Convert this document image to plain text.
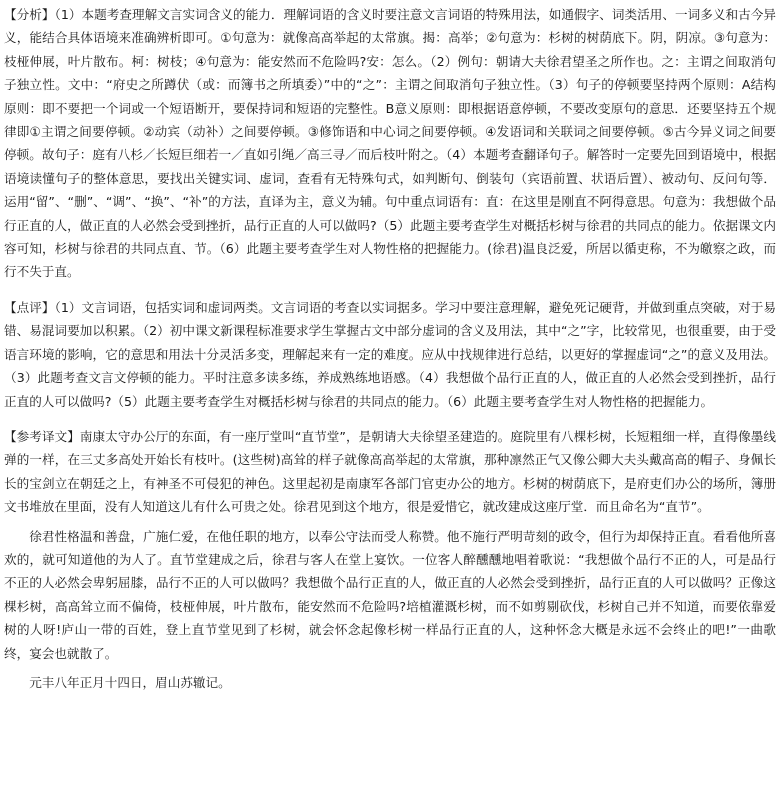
【分析】（1）本题考查理解文言实词含义的能力．理解词语的含义时要注意文言词语的特殊用法，如通假字、词类活用、一词多义和古今异义，能结合具体语境来准确辨析即可。①句意为：就像高高举起的太常旗。揭：高举；②句意为：杉树的树荫底下。阴，阴凉。③句意为：枝桠伸展，叶片散布。柯：树枝；④句意为：能安然而不危险吗?安：怎么。（2）例句：朝请大夫徐君望圣之所作也。之：主谓之间取消句子独立性。文中：“府史之所蹲伏（或：而簿书之所填委）”中的“之”：主谓之间取消句子独立性。（3）句子的停顿要坚持两个原则：A结构原则：即不要把一个词或一个短语断开，要保持词和短语的完整性。B意义原则：即根据语意停顿，不要改变原句的意思．还要坚持五个规律即①主谓之间要停顿。②动宾（动补）之间要停顿。③修饰语和中心词之间要停顿。④发语词和关联词之间要停顿。⑤古今异义词之间要停顿。故句子：庭有八杉／长短巨细若一／直如引绳／高三寻／而后枝叶附之。（4）本题考查翻译句子。解答时一定要先回到语境中，根据语境读懂句子的整体意思，要找出关键实词、虚词，查看有无特殊句式，如判断句、倒装句（宾语前置、状语后置）、被动句、反问句等．运用“留”、“删”、“调”、“换”、“补”的方法，直译为主，意义为辅。句中重点词语有：直：在这里是刚直不阿得意思。句意为：我想做个品行正直的人，做正直的人必然会受到挫折，品行正直的人可以做吗?（5）此题主要考查学生对概括杉树与徐君的共同点的能力。依据课文内容可知，杉树与徐君的共同点直、节。（6）此题主要考查学生对人物性格的把握能力。(徐君)温良泛爱，所居以循吏称，不为皦察之政，而行不失于直。

【点评】（1）文言词语，包括实词和虚词两类。文言词语的考查以实词据多。学习中要注意理解，避免死记硬背，并做到重点突破，对于易错、易混词要加以积累。（2）初中课文新课程标准要求学生掌握古文中部分虚词的含义及用法，其中“之”字，比较常见，也很重要，由于受语言环境的影响，它的意思和用法十分灵活多变，理解起来有一定的难度。应从中找规律进行总结，以更好的掌握虚词“之”的意义及用法。（3）此题考查文言文停顿的能力。平时注意多读多练，养成熟练地语感。（4）我想做个品行正直的人，做正直的人必然会受到挫折，品行正直的人可以做吗?（5）此题主要考查学生对概括杉树与徐君的共同点的能力。（6）此题主要考查学生对人物性格的把握能力。

【参考译文】南康太守办公厅的东面，有一座厅堂叫“直节堂”，是朝请大夫徐望圣建造的。庭院里有八棵杉树，长短粗细一样，直得像墨线弹的一样，在三丈多高处开始长有枝叶。(这些树)高耸的样子就像高高举起的太常旗，那种凛然正气又像公卿大夫头戴高高的帽子、身佩长长的宝剑立在朝廷之上，有神圣不可侵犯的神色。这里起初是南康军各部门官吏办公的地方。杉树的树荫底下，是府吏们办公的场所，簿册文书堆放在里面，没有人知道这儿有什么可贵之处。徐君见到这个地方，很是爱惜它，就改建成这座厅堂．而且命名为“直节”。

徐君性格温和善盘，广施仁爱，在他任职的地方，以奉公守法而受人称赞。他不施行严明苛刻的政令，但行为却保持正直。看看他所喜欢的，就可知道他的为人了。直节堂建成之后，徐君与客人在堂上宴饮。一位客人醉醺醺地唱着歌说：“我想做个品行不正的人，可是品行不正的人必然会卑躬屈膝，品行不正的人可以做吗？我想做个品行正直的人，做正直的人必然会受到挫折，品行正直的人可以做吗？正像这棵杉树，高高耸立而不偏倚，枝桠伸展，叶片散布，能安然而不危险吗?培植灌溉杉树，而不如剪剔砍伐，杉树自己并不知道，而要依靠爱树的人呀!庐山一带的百姓，登上直节堂见到了杉树，就会怀念起像杉树一样品行正直的人，这种怀念大概是永远不会终止的吧!”一曲歌终，宴会也就散了。

元丰八年正月十四日，眉山苏辙记。
